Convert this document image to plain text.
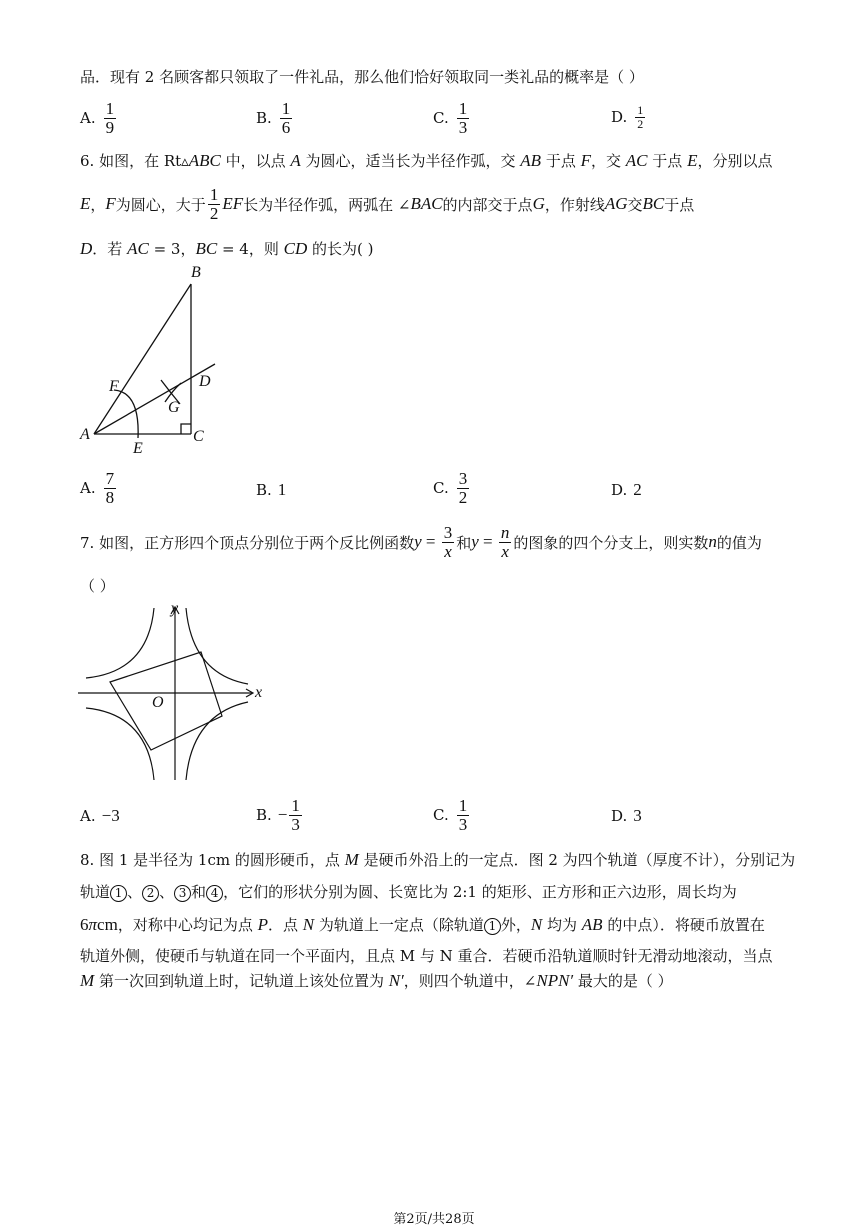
品．现有 2 名顾客都只领取了一件礼品，那么他们恰好领取同一类礼品的概率是（ ）
A. $\frac{1}{9}$	B. $\frac{1}{6}$	C. $\frac{1}{3}$	D. $\frac{1}{2}$
6. 如图，在 Rt▵ABC 中，以点 A 为圆心，适当长为半径作弧，交 AB 于点 F，交 AC 于点 E，分别以点
E ， F 为圆心，大于 $\frac{1}{2}$ EF 长为半径作弧，两弧在 ∠ BAC 的内部交于点 G ，作射线 AG 交 BC 于点
D．若 AC = 3，BC = 4，则 CD 的长为( )
B
F	D
G
A	C
E
A. $\frac{7}{8}$	B. 1	C. $\frac{3}{2}$	D. 2
7. 如图，正方形四个顶点分别位于两个反比例函数 $y = \frac{3}{x}$ 和 $y = \frac{n}{x}$ 的图象的四个分支上，则实数 n 的值为
（ ）
x
y
O
A. −3	B. − $\frac{1}{3}$	C. $\frac{1}{3}$	D. 3
8. 图 1 是半径为 1cm 的圆形硬币，点 M 是硬币外沿上的一定点．图 2 为四个轨道（厚度不计），分别记为
轨道 1 、 2 、 3 和 4 ，它们的形状分别为圆、长宽比为 2:1 的矩形、正方形和正六边形，周长均为
6πcm，对称中心均记为点 P．点 N 为轨道上一定点（除轨道 1 外，N 均为 AB 的中点）．将硬币放置在
轨道外侧，使硬币与轨道在同一个平面内，且点 M 与 N 重合．若硬币沿轨道顺时针无滑动地滚动，当点
M 第一次回到轨道上时，记轨道上该处位置为 N′，则四个轨道中，∠NPN′ 最大的是（ ）
第2页/共28页
